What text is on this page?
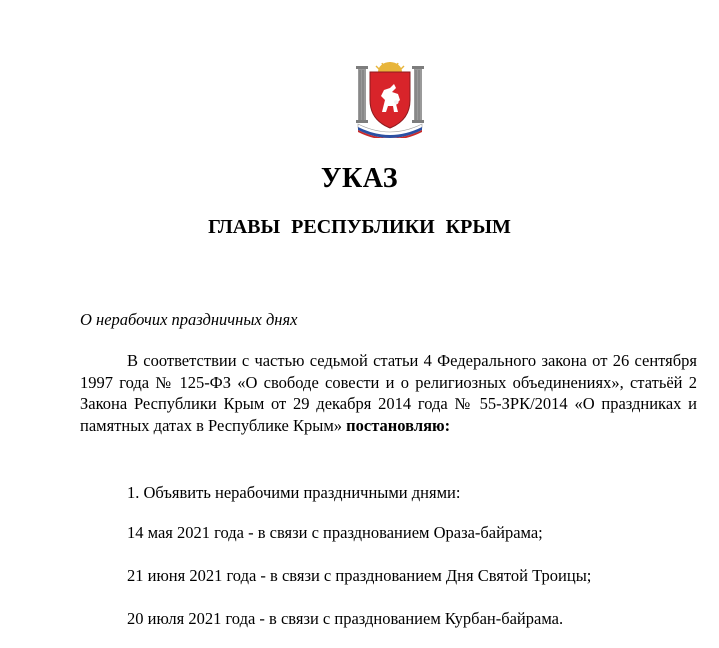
УКАЗ
ГЛАВЫ РЕСПУБЛИКИ КРЫМ
О нерабочих праздничных днях

В соответствии с частью седьмой статьи 4 Федерального закона от 26 сентября 1997 года № 125-ФЗ «О свободе совести и о религиозных объединениях», статьёй 2 Закона Республики Крым от 29 декабря 2014 года № 55-ЗРК/2014 «О праздниках и памятных датах в Республике Крым» постановляю:

1. Объявить нерабочими праздничными днями:
14 мая 2021 года - в связи с празднованием Ораза-байрама;
21 июня 2021 года - в связи с празднованием Дня Святой Троицы;
20 июля 2021 года - в связи с празднованием Курбан-байрама.
